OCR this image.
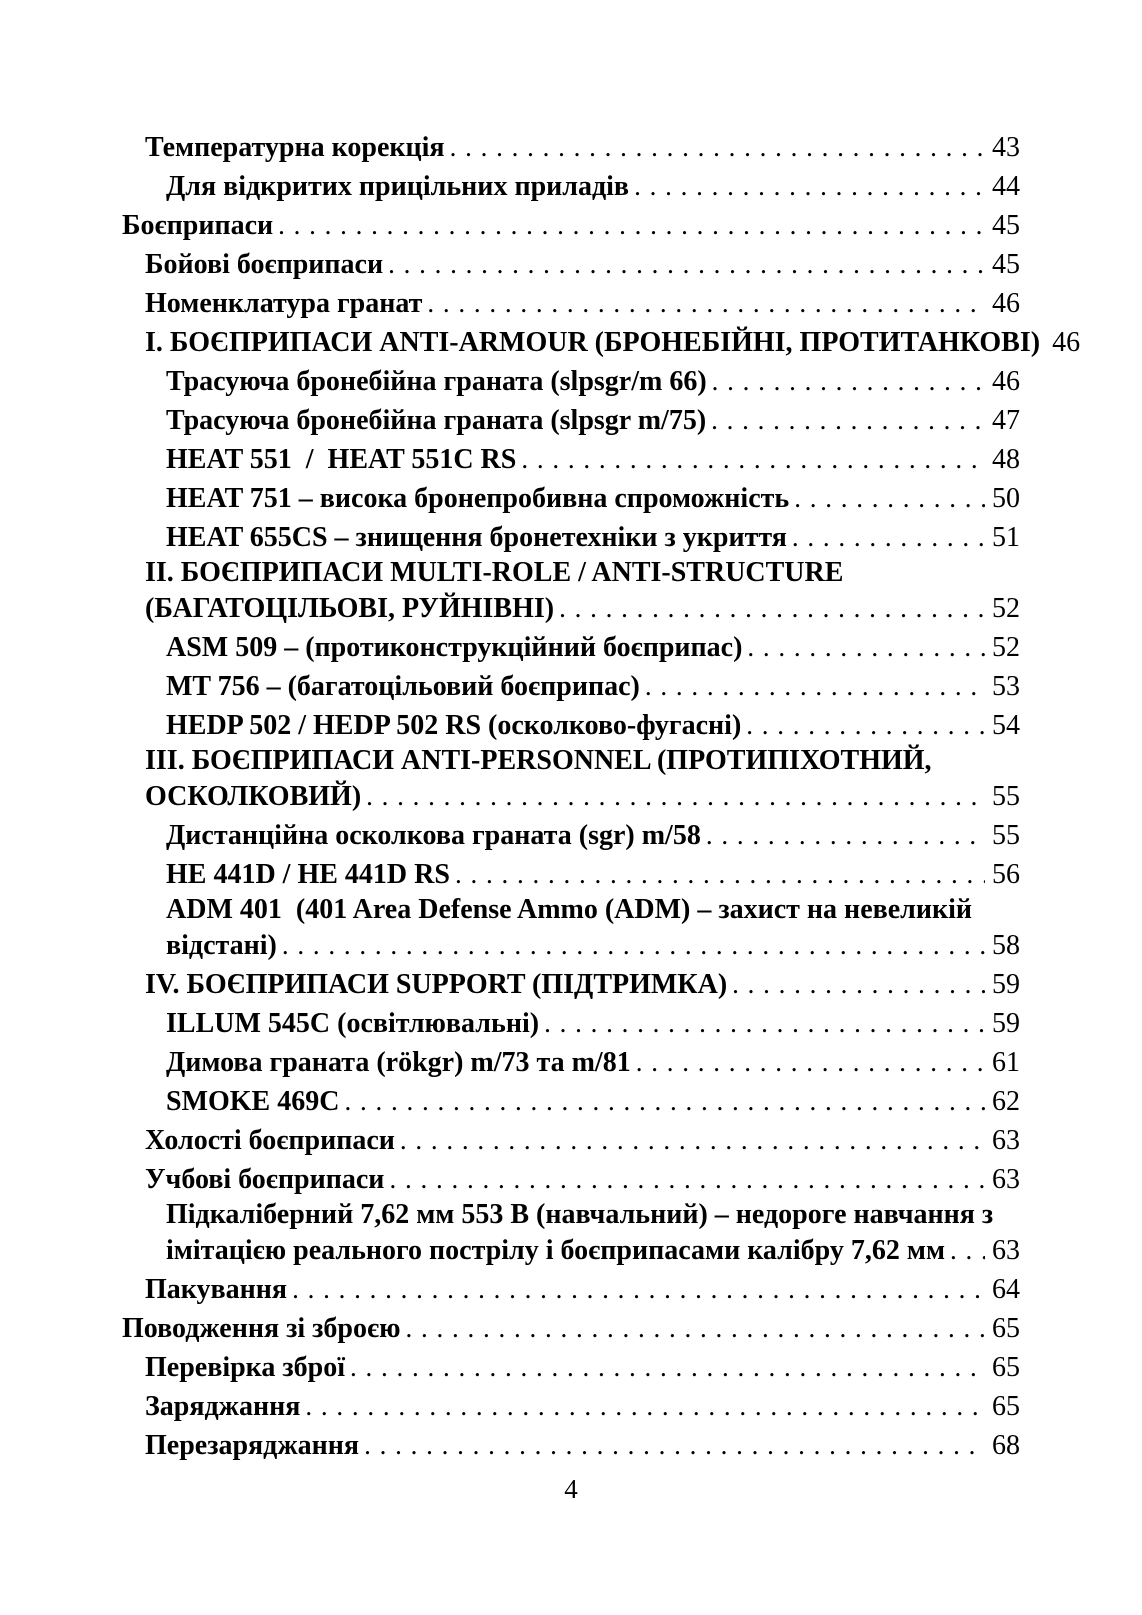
Температурна корекція . . .	43
Для відкритих прицільних приладів . . .	44
Боєприпаси . . .	45
Бойові боєприпаси . . .	45
Номенклатура гранат . . .	46
I. БОЄПРИПАСИ ANTI-ARMOUR (БРОНЕБІЙНІ, ПРОТИТАНКОВІ) 46
Трасуюча бронебійна граната (slpsgr/m 66) . . .	46
Трасуюча бронебійна граната (slpsgr m/75) . . .	47
HEAT 551  /  HEAT 551C RS . . .	48
HEAT 751 – висока бронепробивна спроможність . . .	50
HEAT 655CS – знищення бронетехніки з укриття . . .	51
II. БОЄПРИПАСИ MULTI-ROLE / ANTI-STRUCTURE
(БАГАТОЦІЛЬОВІ, РУЙНІВНІ) . . .	52
ASM 509 – (протиконструкційний боєприпас) . . .	52
MT 756 – (багатоцільовий боєприпас) . . .	53
HEDP 502 / HEDP 502 RS (осколково-фугасні) . . .	54
III. БОЄПРИПАСИ ANTI-PERSONNEL (ПРОТИПІХОТНИЙ,
ОСКОЛКОВИЙ) . . .	55
Дистанційна осколкова граната (sgr) m/58 . . .	55
HE 441D / HE 441D RS . . .	56
ADM 401  (401 Area Defense Ammo (ADM) – захист на невеликій
відстані) . . .	58
IV. БОЄПРИПАСИ SUPPORT (ПІДТРИМКА) . . .	59
ILLUM 545C (освітлювальні) . . .	59
Димова граната (rökgr) m/73 та m/81 . . .	61
SMOKE 469C . . .	62
Холості боєприпаси . . .	63
Учбові боєприпаси . . .	63
Підкаліберний 7,62 мм 553 В (навчальний) – недороге навчання з
імітацією реального пострілу і боєприпасами калібру 7,62 мм . . . 63
Пакування . . .	64
Поводження зі зброєю . . .	65
Перевірка зброї . . .	65
Заряджання . . .	65
Перезаряджання . . .	68
4
